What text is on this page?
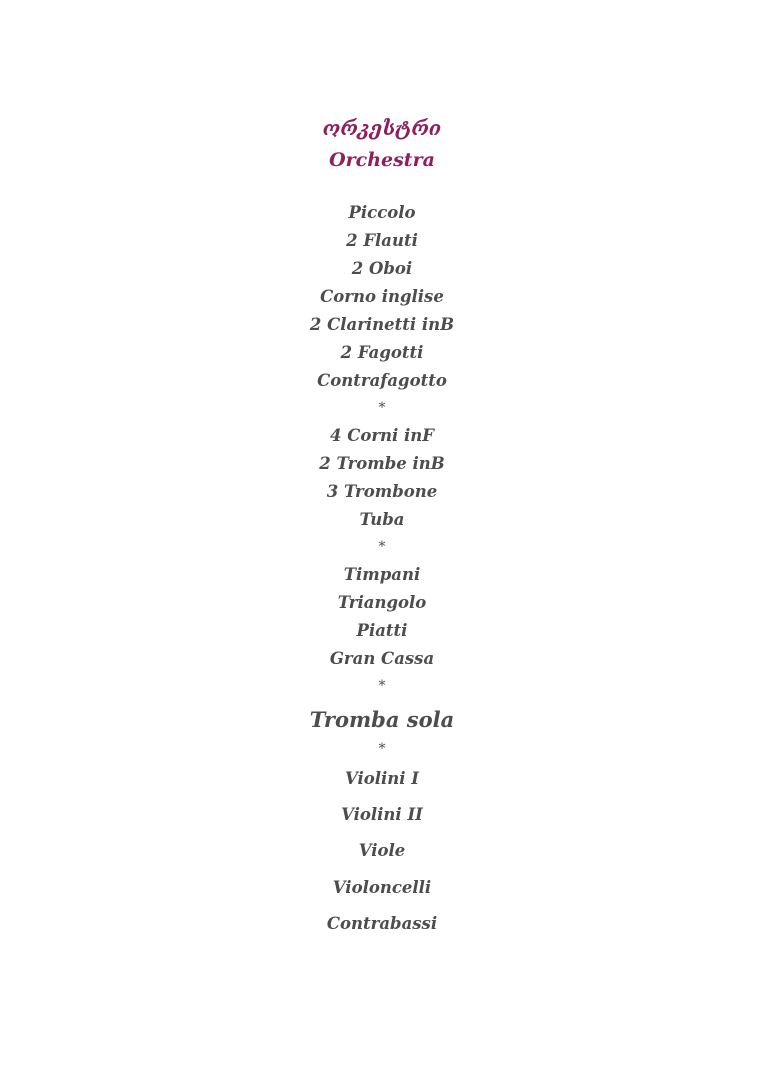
ორკესტრი
Orchestra
Piccolo
2 Flauti
2 Oboi
Corno inglise
2 Clarinetti inB
2 Fagotti
Contrafagotto
*
4 Corni inF
2 Trombe inB
3 Trombone
Tuba
*
Timpani
Triangolo
Piatti
Gran Cassa
*
Tromba sola
*
Violini I
Violini II
Viole
Violoncelli
Contrabassi
